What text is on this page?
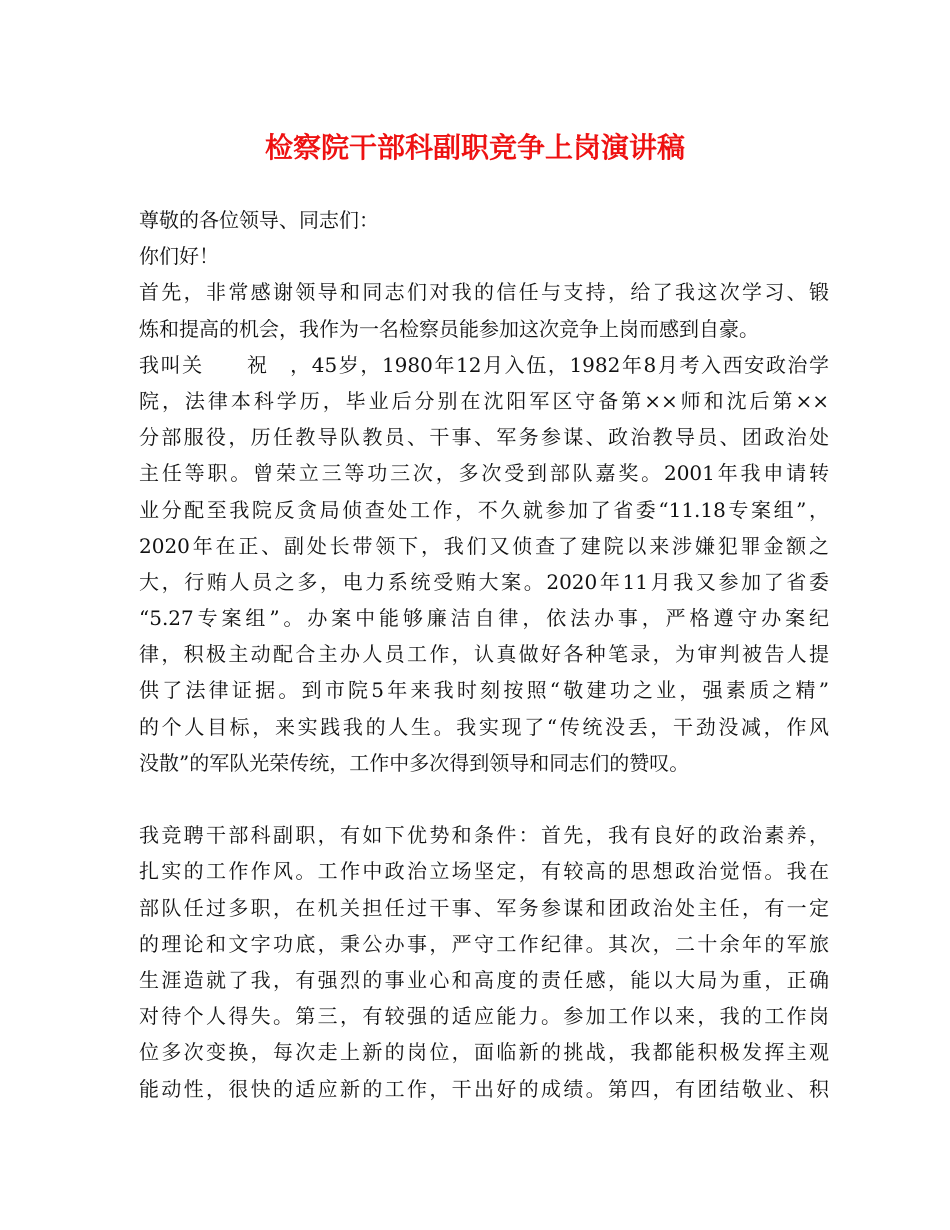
检察院干部科副职竞争上岗演讲稿
尊敬的各位领导、同志们：
你们好！
首先，非常感谢领导和同志们对我的信任与支持，给了我这次学习、锻
炼和提高的机会，我作为一名检察员能参加这次竞争上岗而感到自豪。
我叫关　　祝　，45岁，1980年12月入伍，1982年8月考入西安政治学
院，法律本科学历，毕业后分别在沈阳军区守备第××师和沈后第××
分部服役，历任教导队教员、干事、军务参谋、政治教导员、团政治处
主任等职。曾荣立三等功三次，多次受到部队嘉奖。2001年我申请转
业分配至我院反贪局侦查处工作，不久就参加了省委“11.18专案组”，
2020年在正、副处长带领下，我们又侦查了建院以来涉嫌犯罪金额之
大，行贿人员之多，电力系统受贿大案。2020年11月我又参加了省委
“5.27专案组”。办案中能够廉洁自律，依法办事，严格遵守办案纪
律，积极主动配合主办人员工作，认真做好各种笔录，为审判被告人提
供了法律证据。到市院5年来我时刻按照“敬建功之业，强素质之精”
的个人目标，来实践我的人生。我实现了“传统没丢，干劲没减，作风
没散”的军队光荣传统，工作中多次得到领导和同志们的赞叹。
我竞聘干部科副职，有如下优势和条件：首先，我有良好的政治素养，
扎实的工作作风。工作中政治立场坚定，有较高的思想政治觉悟。我在
部队任过多职，在机关担任过干事、军务参谋和团政治处主任，有一定
的理论和文字功底，秉公办事，严守工作纪律。其次，二十余年的军旅
生涯造就了我，有强烈的事业心和高度的责任感，能以大局为重，正确
对待个人得失。第三，有较强的适应能力。参加工作以来，我的工作岗
位多次变换，每次走上新的岗位，面临新的挑战，我都能积极发挥主观
能动性，很快的适应新的工作，干出好的成绩。第四，有团结敬业、积
